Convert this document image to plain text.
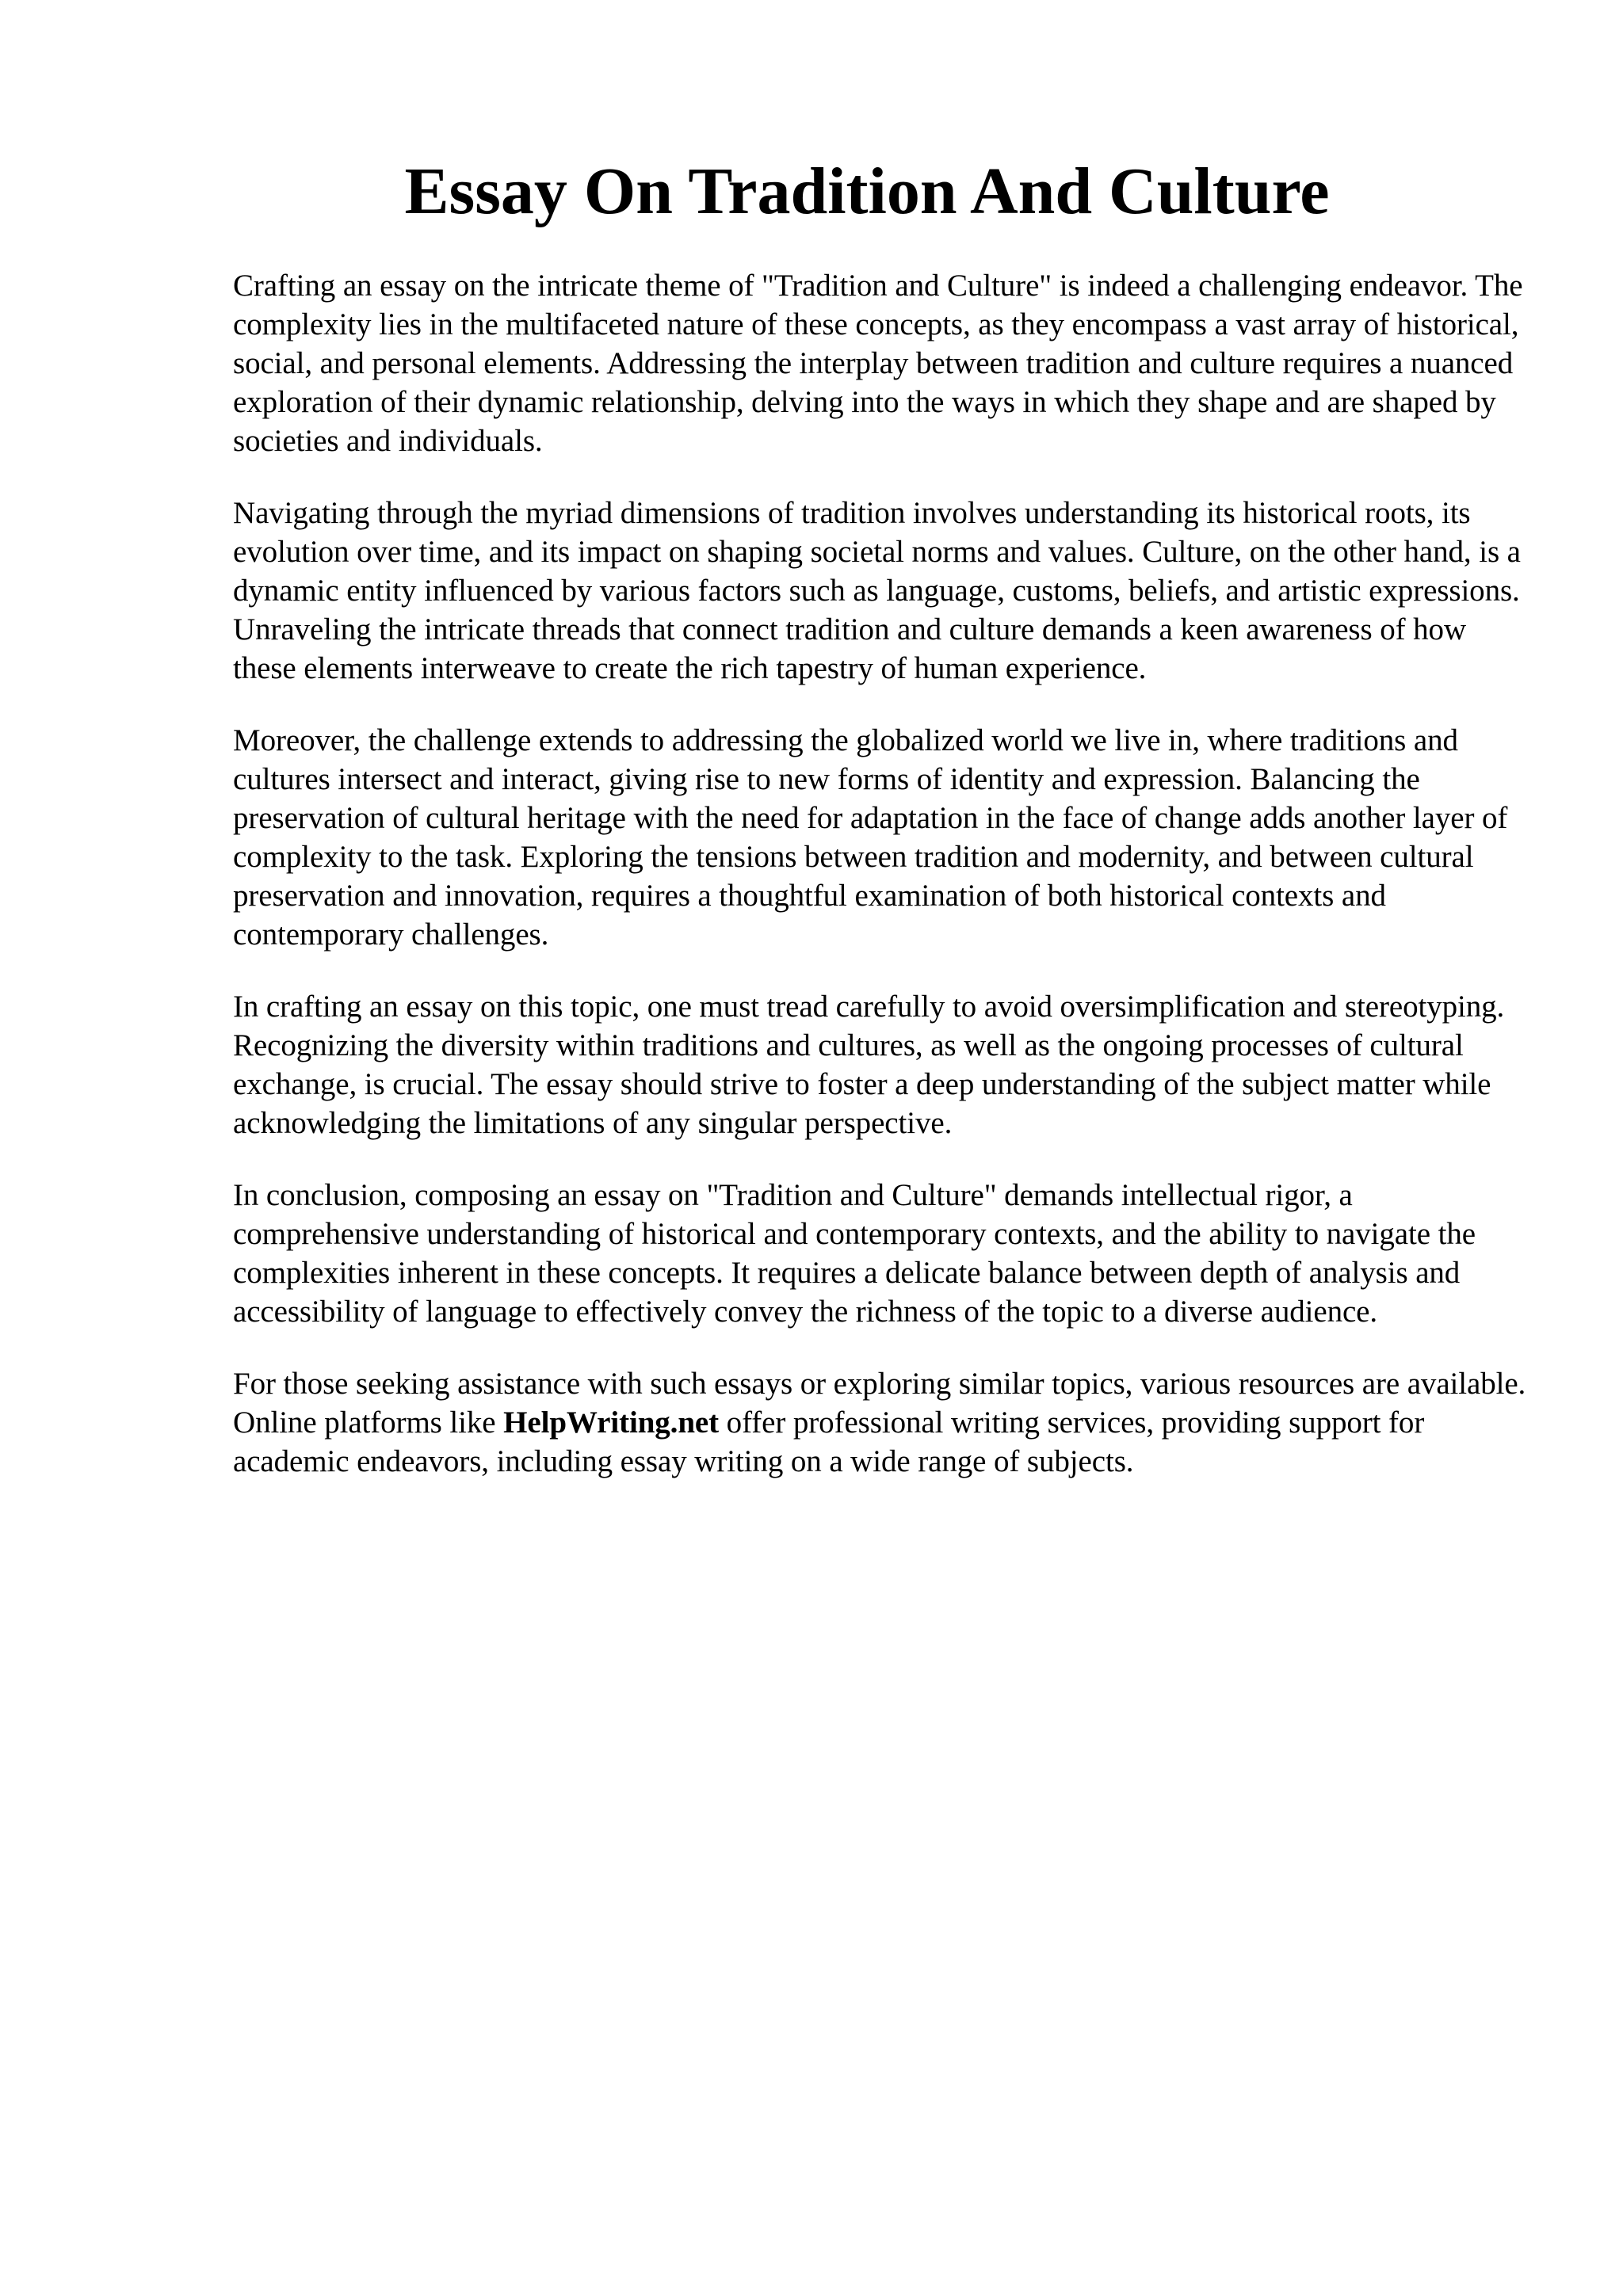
Essay On Tradition And Culture

Crafting an essay on the intricate theme of "Tradition and Culture" is indeed a challenging endeavor. The complexity lies in the multifaceted nature of these concepts, as they encompass a vast array of historical, social, and personal elements. Addressing the interplay between tradition and culture requires a nuanced exploration of their dynamic relationship, delving into the ways in which they shape and are shaped by societies and individuals.

Navigating through the myriad dimensions of tradition involves understanding its historical roots, its evolution over time, and its impact on shaping societal norms and values. Culture, on the other hand, is a dynamic entity influenced by various factors such as language, customs, beliefs, and artistic expressions. Unraveling the intricate threads that connect tradition and culture demands a keen awareness of how these elements interweave to create the rich tapestry of human experience.

Moreover, the challenge extends to addressing the globalized world we live in, where traditions and cultures intersect and interact, giving rise to new forms of identity and expression. Balancing the preservation of cultural heritage with the need for adaptation in the face of change adds another layer of complexity to the task. Exploring the tensions between tradition and modernity, and between cultural preservation and innovation, requires a thoughtful examination of both historical contexts and contemporary challenges.

In crafting an essay on this topic, one must tread carefully to avoid oversimplification and stereotyping. Recognizing the diversity within traditions and cultures, as well as the ongoing processes of cultural exchange, is crucial. The essay should strive to foster a deep understanding of the subject matter while acknowledging the limitations of any singular perspective.

In conclusion, composing an essay on "Tradition and Culture" demands intellectual rigor, a comprehensive understanding of historical and contemporary contexts, and the ability to navigate the complexities inherent in these concepts. It requires a delicate balance between depth of analysis and accessibility of language to effectively convey the richness of the topic to a diverse audience.

For those seeking assistance with such essays or exploring similar topics, various resources are available. Online platforms like HelpWriting.net offer professional writing services, providing support for academic endeavors, including essay writing on a wide range of subjects.
